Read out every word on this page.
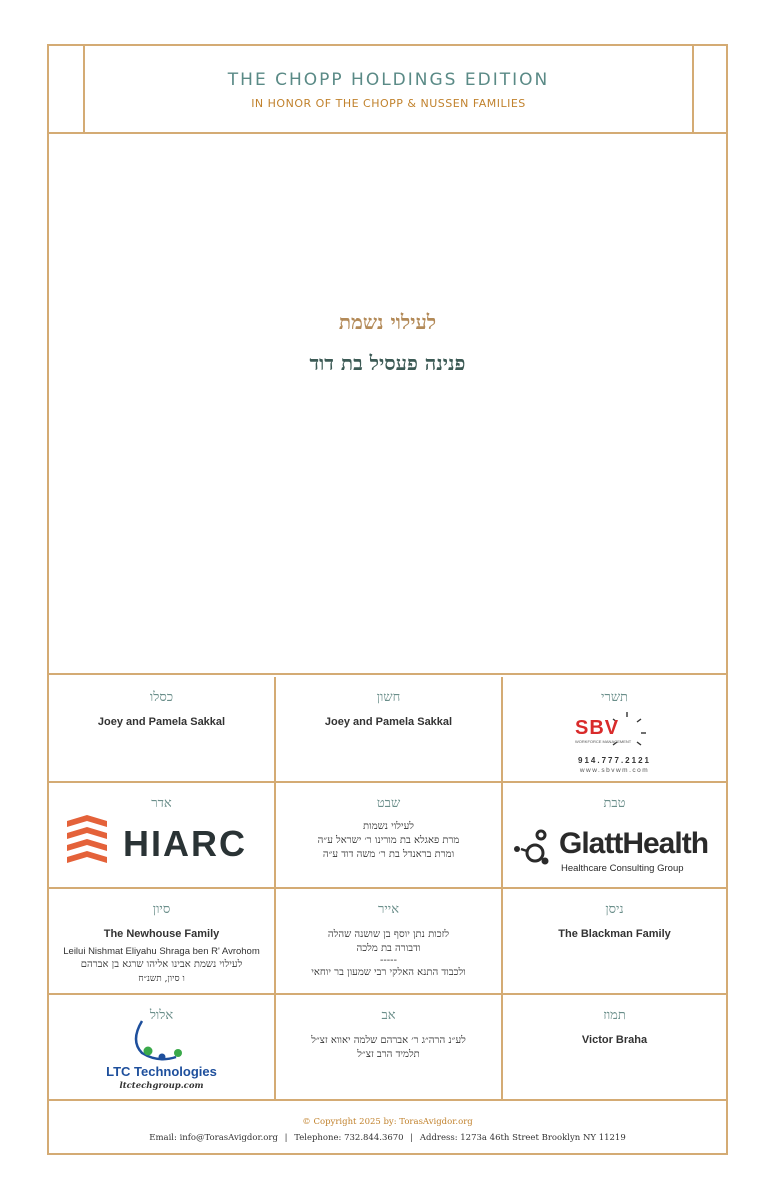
THE CHOPP HOLDINGS EDITION
IN HONOR OF THE CHOPP & NUSSEN FAMILIES
לעילוי נשמת
פנינה פעסיל בת דוד
כסלו
Joey and Pamela Sakkal
חשון
Joey and Pamela Sakkal
תשרי
SBV
WORKFORCE MANAGEMENT
914.777.2121
www.sbvwm.com
אדר
HIARC
שבט
לעילוי נשמות
מרת פאגלא בת מורינו ר׳ ישראל ע״ה
ומרת בראנדל בת ר׳ משה דוד ע״ה
טבת
GlattHealth
Healthcare Consulting Group
סיון
The Newhouse Family
Leilui Nishmat Eliyahu Shraga ben R' Avrohom
לעילוי נשמת אבינו אליהו שרגא בן אברהם
ו סיון, תשנ״ח
אייר
לזכות נתן יוסף בן שושנה שהלה
ודבורה בת מלכה
-----
ולכבוד התנא האלקי רבי שמעון בר יוחאי
ניסן
The Blackman Family
אלול
LTC Technologies
ltctechgroup.com
אב
לע״נ הרה״ג ר׳ אברהם שלמה יאווא זצ״ל
תלמיד הרב זצ״ל
תמוז
Victor Braha
© Copyright 2025 by: TorasAvigdor.org
Email: info@TorasAvigdor.org | Telephone: 732.844.3670 | Address: 1273a 46th Street Brooklyn NY 11219
